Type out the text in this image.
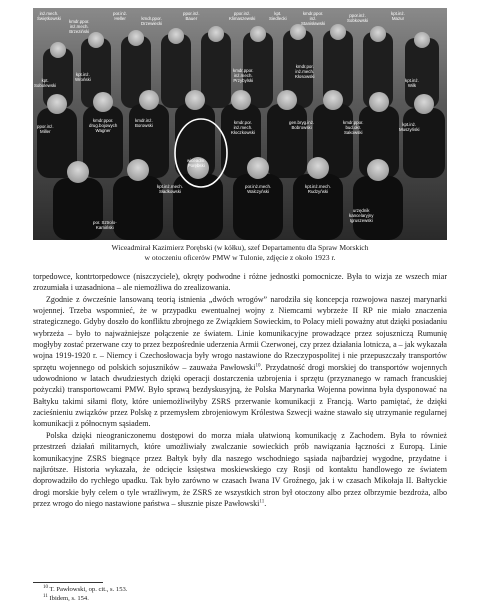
inż.mech.
Świętkowski
kmdr.ppor.
inż.mech.
Brzeziński
por.inż.
Heller	kmdr.ppor.
Drzewiecki
ppor.inż.
Bauer
ppor.inż.
Klimaszewski
kpt.
Siedlecki
kmdr.ppor.
inż.
Stanisławski
ppor.inż.
Sobkowski
kpt.inż.
Mazur
kpt.
Sobolewski
kpt.inż.
Wroński
kmdr.ppor.
inż.mech.
Przybylski
kmdr.por.
inż.mech.
Kłosowski
kpt.inż.
Wilk
ppor.inż.
Miller
kmdr.ppor.
drug.bojowych
Wagner
kmdr.inż.
Borowski
wiceadm.
Porębski
kmdr.por.
inż.mech.
Kłoczkowski
gen.bryg.inż.
Bobrowski
kmdr.ppor.
bud.okr.
Sakowski
kpt.inż.
Muszyński
kpt.inż.mech.
Sładkowski
por.inż.mech.
Walczyński
kpt.inż.mech.
Rudzyński
por. Sztrolo-
Kamiński
urzędnik
kancelaryjny
Igruszewski
Wiceadmirał Kazimierz Porębski (w kółku), szef Departamentu dla Spraw Morskich
w otoczeniu oficerów PMW w Tulonie, zdjęcie z około 1923 r.

torpedowce, kontrtorpedowce (niszczyciele), okręty podwodne i różne jednostki pomocnicze. Była to wizja ze wszech miar zrozumiała i uzasadniona – ale niemożliwa do zrealizowania.

Zgodnie z ówcześnie lansowaną teorią istnienia „dwóch wrogów” narodziła się koncepcja rozwojowa naszej marynarki wojennej. Trzeba wspomnieć, że w przypadku ewentualnej wojny z Niemcami wybrzeże II RP nie miało znaczenia strategicznego. Gdyby doszło do konfliktu zbrojnego ze Związkiem Sowieckim, to Polacy mieli poważny atut dzięki posiadaniu wybrzeża – było to najważniejsze połączenie ze światem. Linie komunikacyjne prowadzące przez sojuszniczą Rumunię mogłyby zostać przerwane czy to przez bezpośrednie uderzenia Armii Czerwonej, czy przez działania lotnicza, a – jak wykazała wojna 1919-1920 r. – Niemcy i Czechosłowacja były wrogo nastawione do Rzeczypospolitej i nie przepuszczały transportów sprzętu wojennego od polskich sojuszników – zauważa Pawłowski$^{10}$. Przydatność drogi morskiej do transportów wojennych udowodniono w latach dwudziestych dzięki operacji dostarczenia uzbrojenia i sprzętu (przyznanego w ramach francuskiej pożyczki) transportowcami PMW. Było sprawą bezdyskusyjną, że Polska Marynarka Wojenna powinna była dysponować na Bałtyku takimi siłami floty, które uniemożliwiłyby ZSRS przerwanie komunikacji z Francją. Warto pamiętać, że dzięki zacieśnieniu związków przez Polskę z przemysłem zbrojeniowym Królestwa Szwecji ważne stawało się utrzymanie regularnej komunikacji z północnym sąsiadem.

Polska dzięki nieograniczonemu dostępowi do morza miała ułatwioną komunikację z Zachodem. Była to również przestrzeń działań militarnych, które umożliwiały zwalczanie sowieckich prób nawiązania łączności z Europą. Linie komunikacyjne ZSRS biegnące przez Bałtyk były dla naszego wschodniego sąsiada najbardziej wygodne, przydatne i najkrótsze. Historia wykazała, że odcięcie księstwa moskiewskiego czy Rosji od kontaktu handlowego ze światem doprowadziło do rychłego upadku. Tak było zarówno w czasach Iwana IV Groźnego, jak i w czasach Mikołaja II. Bałtyckie drogi morskie były celem o tyle wrażliwym, że ZSRS ze wszystkich stron był otoczony albo przez olbrzymie bezdroża, albo przez wrogo do niego nastawione państwa – słusznie pisze Pawłowski$^{11}$.

$^{10}$ T. Pawłowski, op. cit., s. 153.

$^{11}$ Ibidem, s. 154.
